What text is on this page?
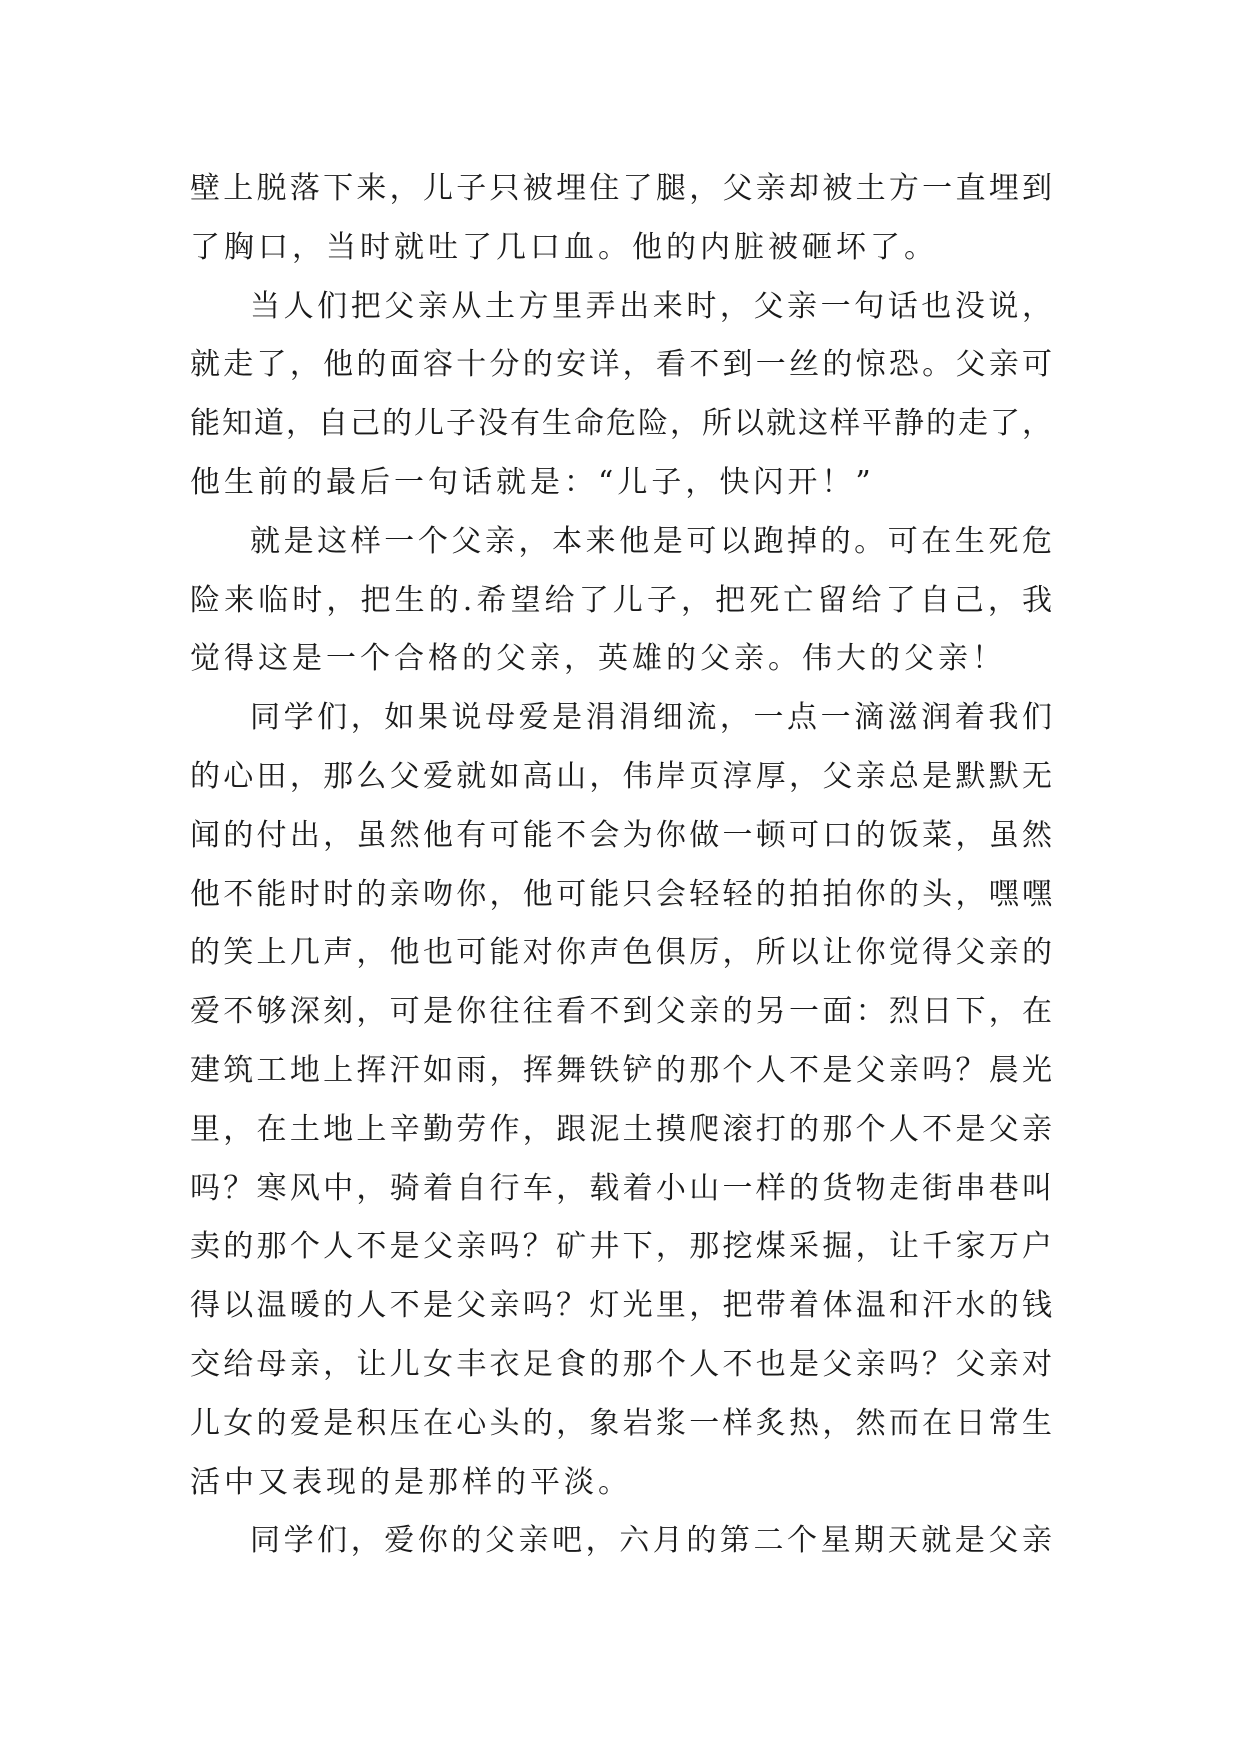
壁上脱落下来，儿子只被埋住了腿，父亲却被土方一直埋到
了胸口，当时就吐了几口血。他的内脏被砸坏了。
当人们把父亲从土方里弄出来时，父亲一句话也没说，
就走了，他的面容十分的安详，看不到一丝的惊恐。父亲可
能知道，自己的儿子没有生命危险，所以就这样平静的走了，
他生前的最后一句话就是：“儿子，快闪开！”
就是这样一个父亲，本来他是可以跑掉的。可在生死危
险来临时，把生的.希望给了儿子，把死亡留给了自己，我
觉得这是一个合格的父亲，英雄的父亲。伟大的父亲！
同学们，如果说母爱是涓涓细流，一点一滴滋润着我们
的心田，那么父爱就如高山，伟岸页淳厚，父亲总是默默无
闻的付出，虽然他有可能不会为你做一顿可口的饭菜，虽然
他不能时时的亲吻你，他可能只会轻轻的拍拍你的头，嘿嘿
的笑上几声，他也可能对你声色俱厉，所以让你觉得父亲的
爱不够深刻，可是你往往看不到父亲的另一面：烈日下，在
建筑工地上挥汗如雨，挥舞铁铲的那个人不是父亲吗？晨光
里，在土地上辛勤劳作，跟泥土摸爬滚打的那个人不是父亲
吗？寒风中，骑着自行车，载着小山一样的货物走街串巷叫
卖的那个人不是父亲吗？矿井下，那挖煤采掘，让千家万户
得以温暖的人不是父亲吗？灯光里，把带着体温和汗水的钱
交给母亲，让儿女丰衣足食的那个人不也是父亲吗？父亲对
儿女的爱是积压在心头的，象岩浆一样炙热，然而在日常生
活中又表现的是那样的平淡。
同学们，爱你的父亲吧，六月的第二个星期天就是父亲
